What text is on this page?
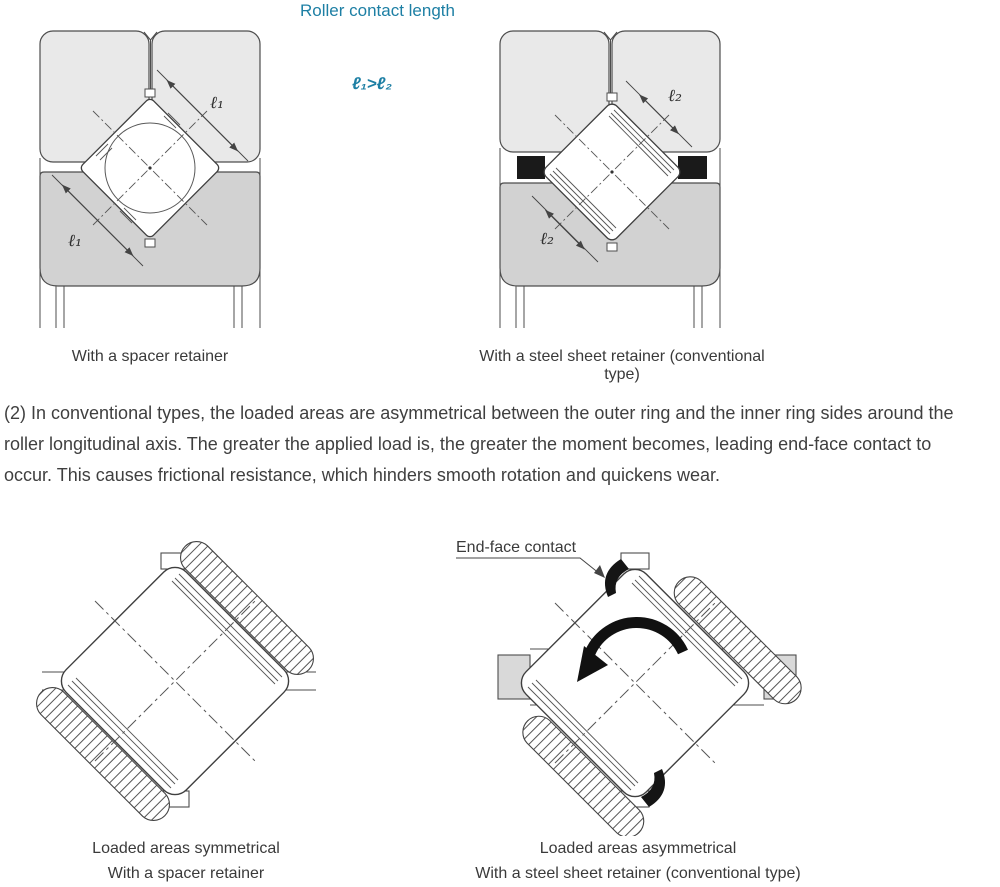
Roller contact length
ℓ₁>ℓ₂
ℓ₁
ℓ₁
ℓ₂
ℓ₂
With a spacer retainer	With a steel sheet retainer (conventional type)
(2) In conventional types, the loaded areas are asymmetrical between the outer ring and the inner ring sides around the roller longitudinal axis. The greater the applied load is, the greater the moment becomes, leading end-face contact to occur. This causes frictional resistance, which hinders smooth rotation and quickens wear.
End-face contact
Loaded areas symmetrical
With a spacer retainer
Loaded areas asymmetrical
With a steel sheet retainer (conventional type)
